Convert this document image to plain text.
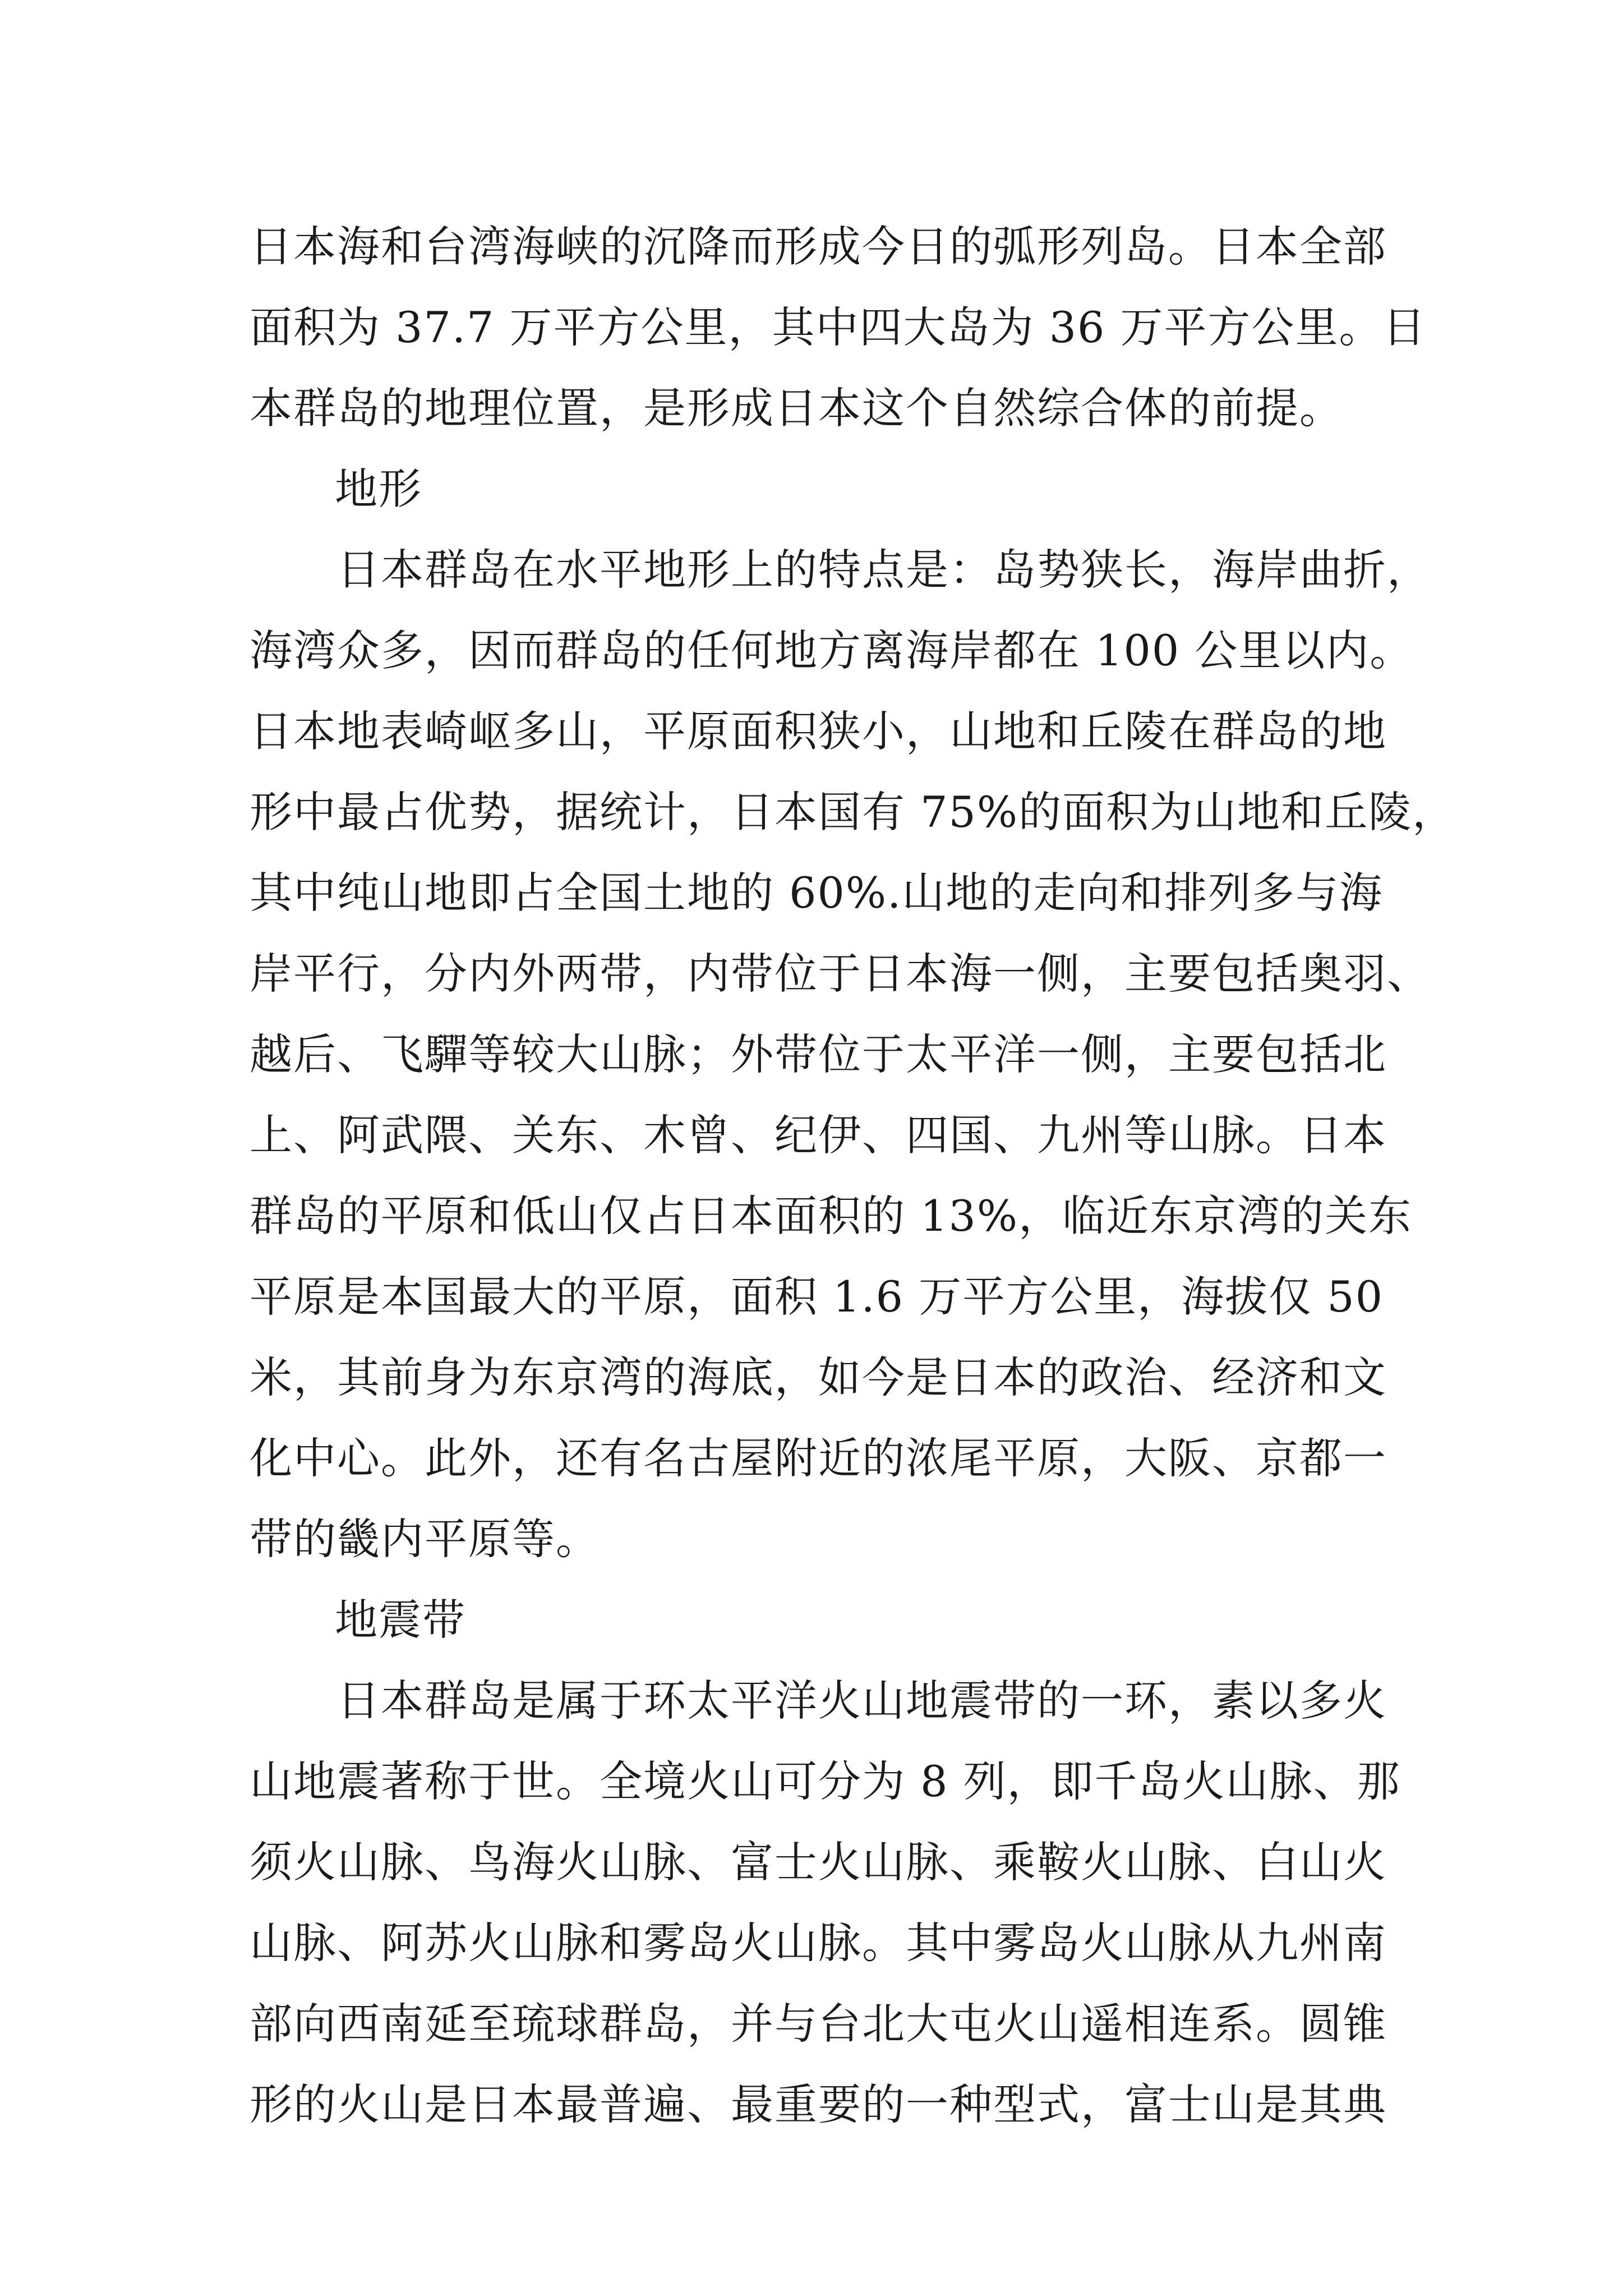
日本海和台湾海峡的沉降而形成今日的弧形列岛。日本全部
面积为 37.7 万平方公里，其中四大岛为 36 万平方公里。日
本群岛的地理位置，是形成日本这个自然综合体的前提。
地形
　　日本群岛在水平地形上的特点是：岛势狭长，海岸曲折，
海湾众多，因而群岛的任何地方离海岸都在 100 公里以内。
日本地表崎岖多山，平原面积狭小，山地和丘陵在群岛的地
形中最占优势，据统计，日本国有 75%的面积为山地和丘陵，
其中纯山地即占全国土地的 60%.山地的走向和排列多与海
岸平行，分内外两带，内带位于日本海一侧，主要包括奥羽、
越后、飞驒等较大山脉；外带位于太平洋一侧，主要包括北
上、阿武隈、关东、木曾、纪伊、四国、九州等山脉。日本
群岛的平原和低山仅占日本面积的 13%，临近东京湾的关东
平原是本国最大的平原，面积 1.6 万平方公里，海拔仅 50
米，其前身为东京湾的海底，如今是日本的政治、经济和文
化中心。此外，还有名古屋附近的浓尾平原，大阪、京都一
带的畿内平原等。
地震带
　　日本群岛是属于环太平洋火山地震带的一环，素以多火
山地震著称于世。全境火山可分为 8 列，即千岛火山脉、那
须火山脉、鸟海火山脉、富士火山脉、乘鞍火山脉、白山火
山脉、阿苏火山脉和雾岛火山脉。其中雾岛火山脉从九州南
部向西南延至琉球群岛，并与台北大屯火山遥相连系。圆锥
形的火山是日本最普遍、最重要的一种型式，富士山是其典
